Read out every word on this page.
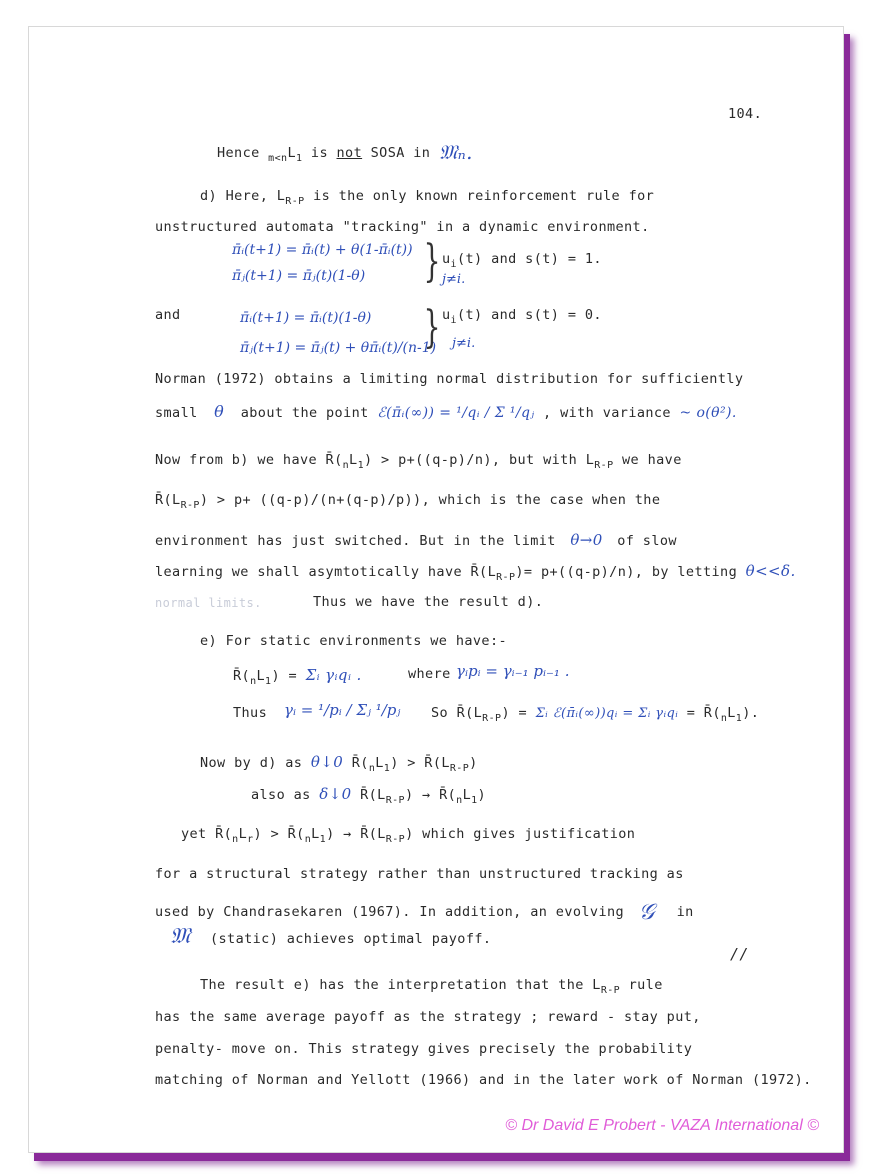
104.
Hence $_{m<n}L_1$ is not SOSA in 𝔐ₙ.
d) Here, $L_{R-P}$ is the only known reinforcement rule for
unstructured automata "tracking" in a dynamic environment.
π̄ᵢ(t+1) = π̄ᵢ(t) + θ(1-π̄ᵢ(t))
π̄ⱼ(t+1) = π̄ⱼ(t)(1-θ) } $u_i(t)$ and s(t) = 1.
j≠i.
and	π̄ᵢ(t+1) = π̄ᵢ(t)(1-θ)
π̄ⱼ(t+1) = π̄ⱼ(t) + θπ̄ᵢ(t)/(n-1)
} $u_i(t)$ and s(t) = 0.
j≠i.
Norman (1972) obtains a limiting normal distribution for sufficiently
small θ about the point ℰ(π̄ᵢ(∞)) = ¹/qᵢ / Σ ¹/qⱼ , with variance ~ o(θ²).
Now from b) we have $R̄(_nL_1) > p+((q-p)/n)$, but with $L_{R-P}$ we have
$R̄(L_{R-P}) > p+ ((q-p)/(n+(q-p)/p))$, which is the case when the
environment has just switched. But in the limit θ→0 of slow
learning we shall asymtotically have $R̄(L_{R-P})= p+((q-p)/n)$, by letting θ<<δ.
normal limits.	Thus we have the result d).
e) For static environments we have:-
$R̄(_nL_1)$ = Σᵢ γᵢqᵢ .	where γᵢpᵢ = γᵢ₋₁ pᵢ₋₁ .
Thus γᵢ = ¹/pᵢ / Σⱼ ¹/pⱼ So $R̄(L_{R-P})$ = Σᵢ ℰ(π̄ᵢ(∞))qᵢ = Σᵢ γᵢqᵢ = $R̄(_nL_1)$.
Now by d) as θ↓0 $R̄(_nL_1)$ > $R̄(L_{R-P})$
also as δ↓0 $R̄(L_{R-P})$ → $R̄(_nL_1)$
yet $R̄(_nL_r)$ > $R̄(_nL_1)$ → $R̄(L_{R-P})$ which gives justification
for a structural strategy rather than unstructured tracking as
used by Chandrasekaren (1967). In addition, an evolving 𝒢 in
𝔐 (static) achieves optimal payoff.
//
The result e) has the interpretation that the $L_{R-P}$ rule
has the same average payoff as the strategy ; reward - stay put,
penalty- move on. This strategy gives precisely the probability
matching of Norman and Yellott (1966) and in the later work of Norman (1972).
© Dr David E Probert - VAZA International ©
